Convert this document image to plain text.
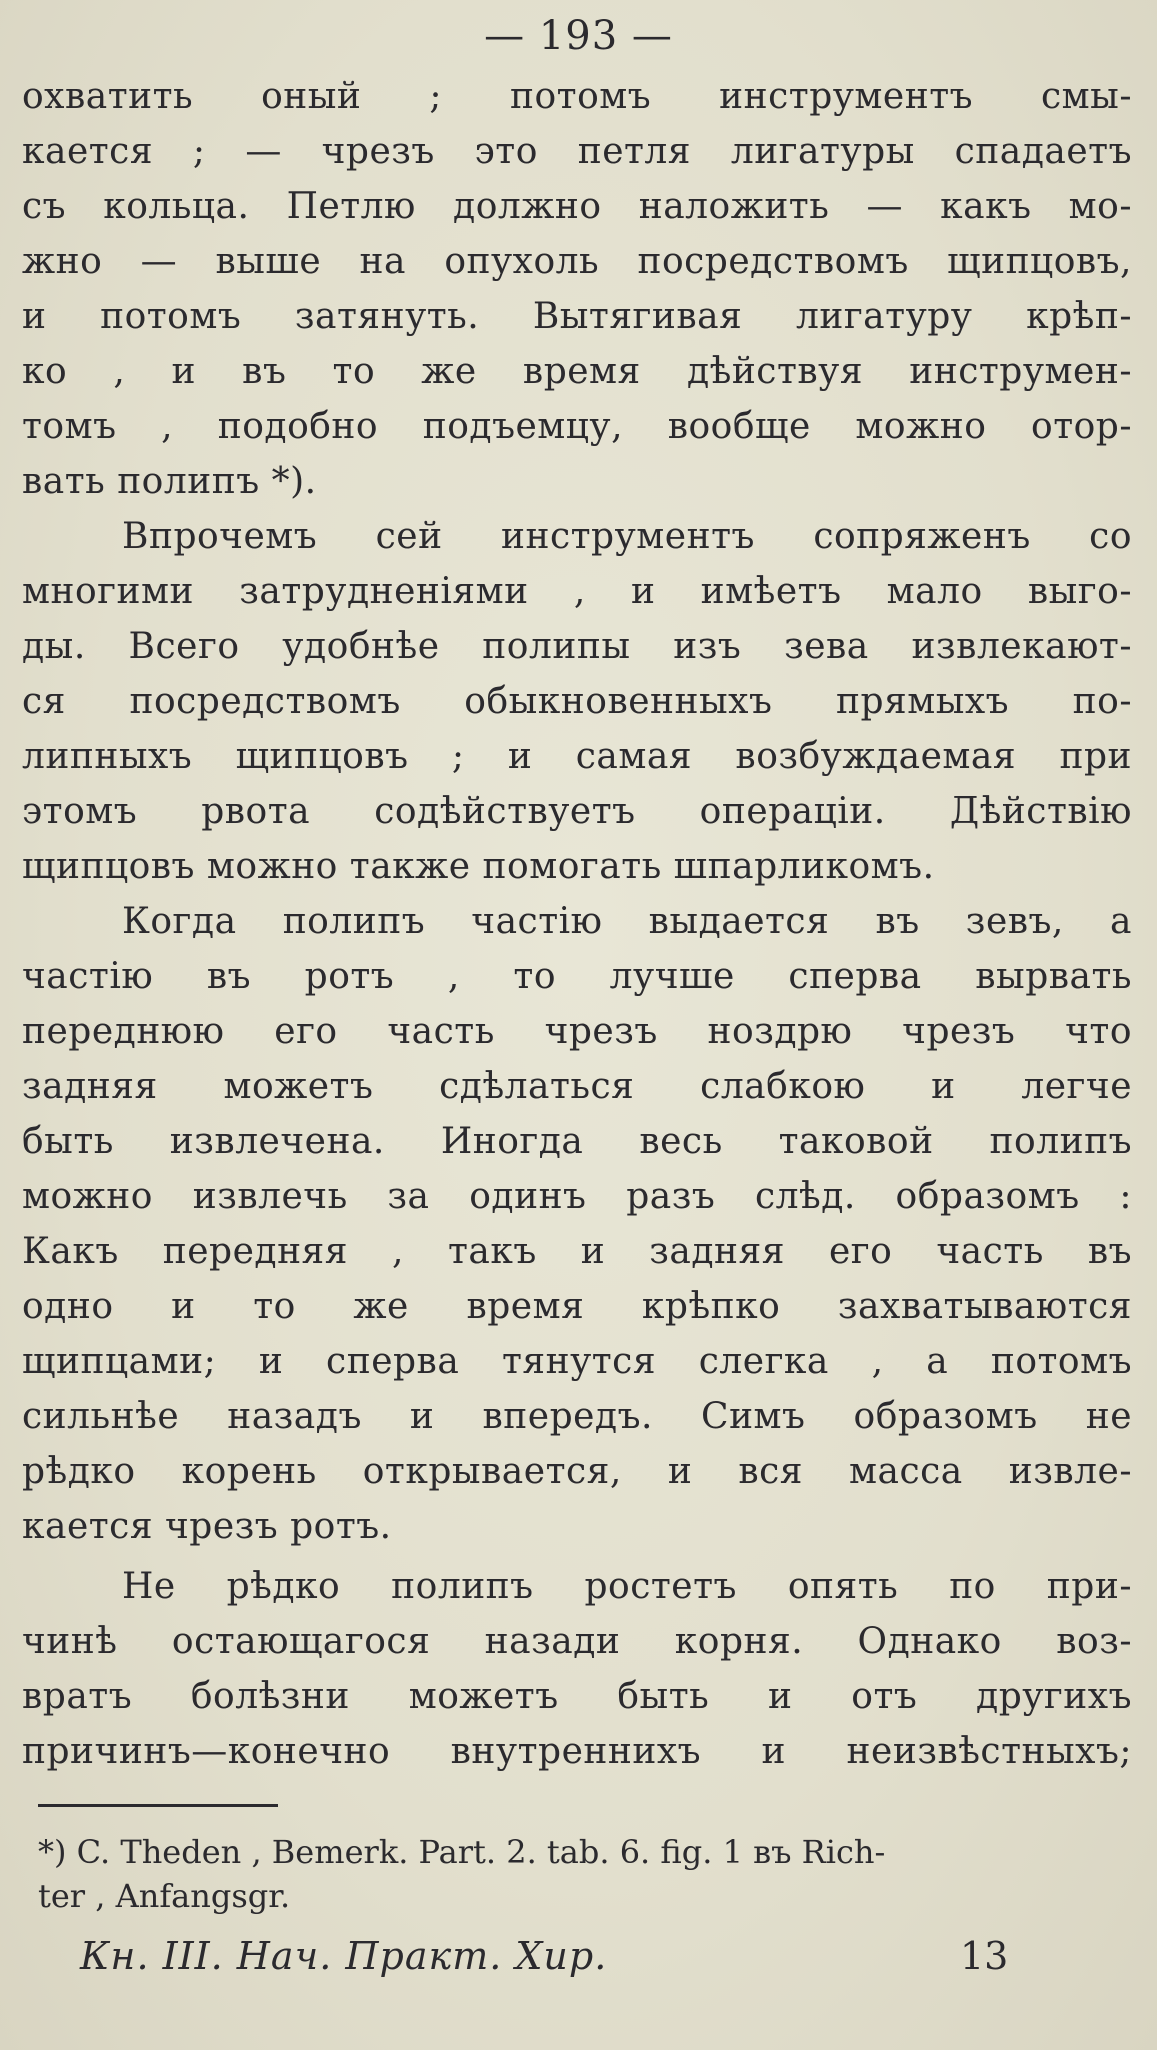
— 193 —
охватить оный ; потомъ инструментъ смы-
кается ; — чрезъ это петля лигатуры спадаетъ
съ кольца. Петлю должно наложить — какъ мо-
жно — выше на опухоль посредствомъ щипцовъ,
и потомъ затянуть. Вытягивая лигатуру крѣп-
ко , и въ то же время дѣйствуя инструмен-
томъ , подобно подъемцу, вообще можно отор-
вать полипъ *).
Впрочемъ сей инструментъ сопряженъ со
многими затрудненіями , и имѣетъ мало выго-
ды. Всего удобнѣе полипы изъ зева извлекают-
ся посредствомъ обыкновенныхъ прямыхъ по-
липныхъ щипцовъ ; и самая возбуждаемая при
этомъ рвота содѣйствуетъ операціи. Дѣйствію
щипцовъ можно также помогать шпарликомъ.
Когда полипъ частію выдается въ зевъ, а
частію въ ротъ , то лучше сперва вырвать
переднюю его часть чрезъ ноздрю чрезъ что
задняя можетъ сдѣлаться слабкою и легче
быть извлечена. Иногда весь таковой полипъ
можно извлечь за одинъ разъ слѣд. образомъ :
Какъ передняя , такъ и задняя его часть въ
одно и то же время крѣпко захватываются
щипцами; и сперва тянутся слегка , а потомъ
сильнѣе назадъ и впередъ. Симъ образомъ не
рѣдко корень открывается, и вся масса извле-
кается чрезъ ротъ.
Не рѣдко полипъ ростетъ опять по при-
чинѣ остающагося назади корня. Однако воз-
вратъ болѣзни можетъ быть и отъ другихъ
причинъ—конечно внутреннихъ и неизвѣстныхъ;
*) C. Theden , Bemerk. Part. 2. tab. 6. fig. 1 въ Rich-
ter , Anfangsgr.
Кн. III. Нач. Практ. Хир.	13
